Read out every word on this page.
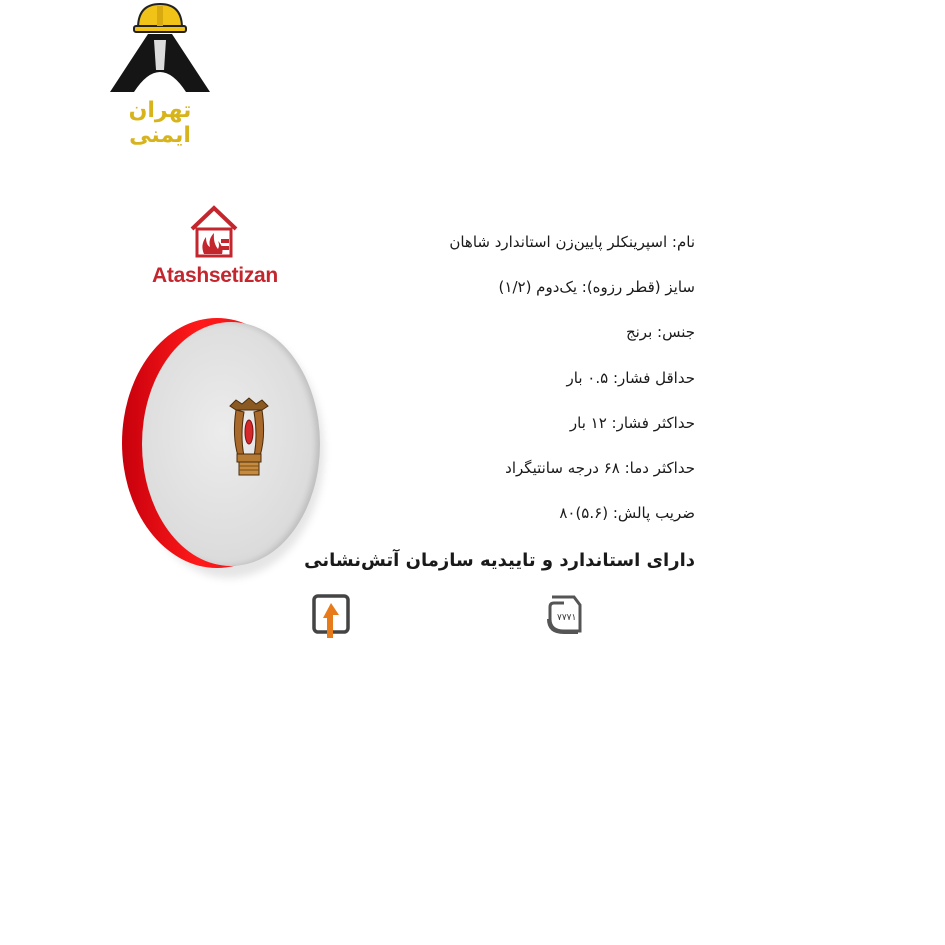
تهران ایمنی
Atashsetizan
نام: اسپرینکلر پایین‌زن استاندارد شاهان
سایز (قطر رزوه): یک‌دوم (۱/۲)
جنس: برنج
حداقل فشار: ۰.۵ بار
حداکثر فشار: ۱۲ بار
حداکثر دما: ۶۸ درجه سانتیگراد
ضریب پالش: (۵.۶)۸۰
دارای استاندارد و تاییدیه سازمان آتش‌نشانی
۷۷۷۱
